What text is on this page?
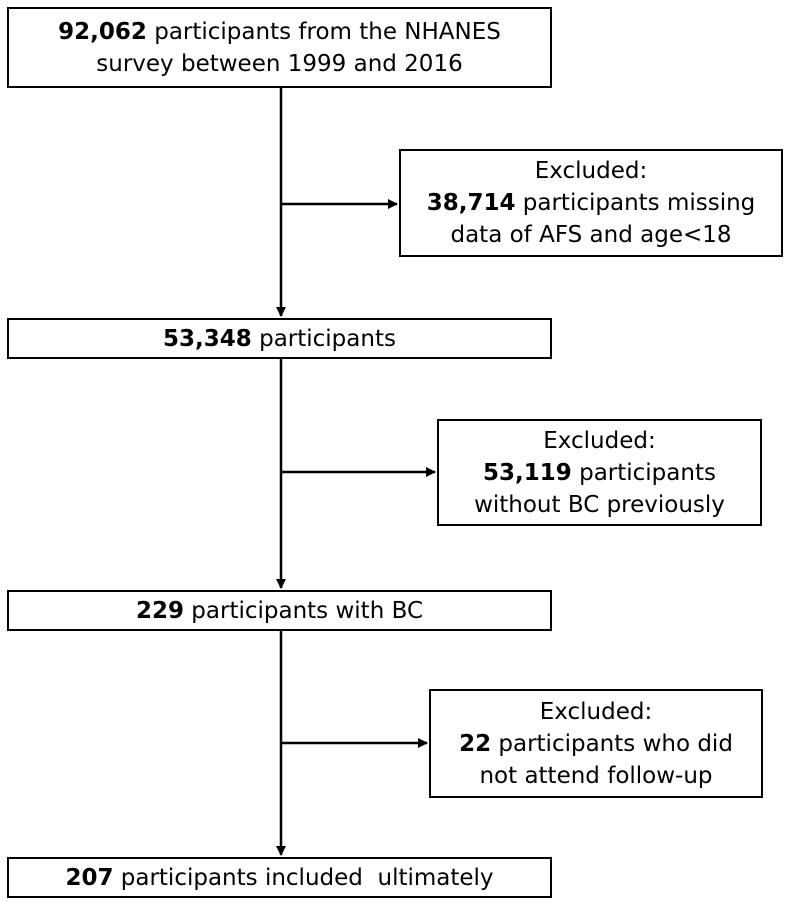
92,062 participants from the NHANES
survey between 1999 and 2016
Excluded:
38,714 participants missing
data of AFS and age<18
53,348 participants
Excluded:
53,119 participants
without BC previously
229 participants with BC
Excluded:
22 participants who did
not attend follow-up
207 participants included  ultimately
